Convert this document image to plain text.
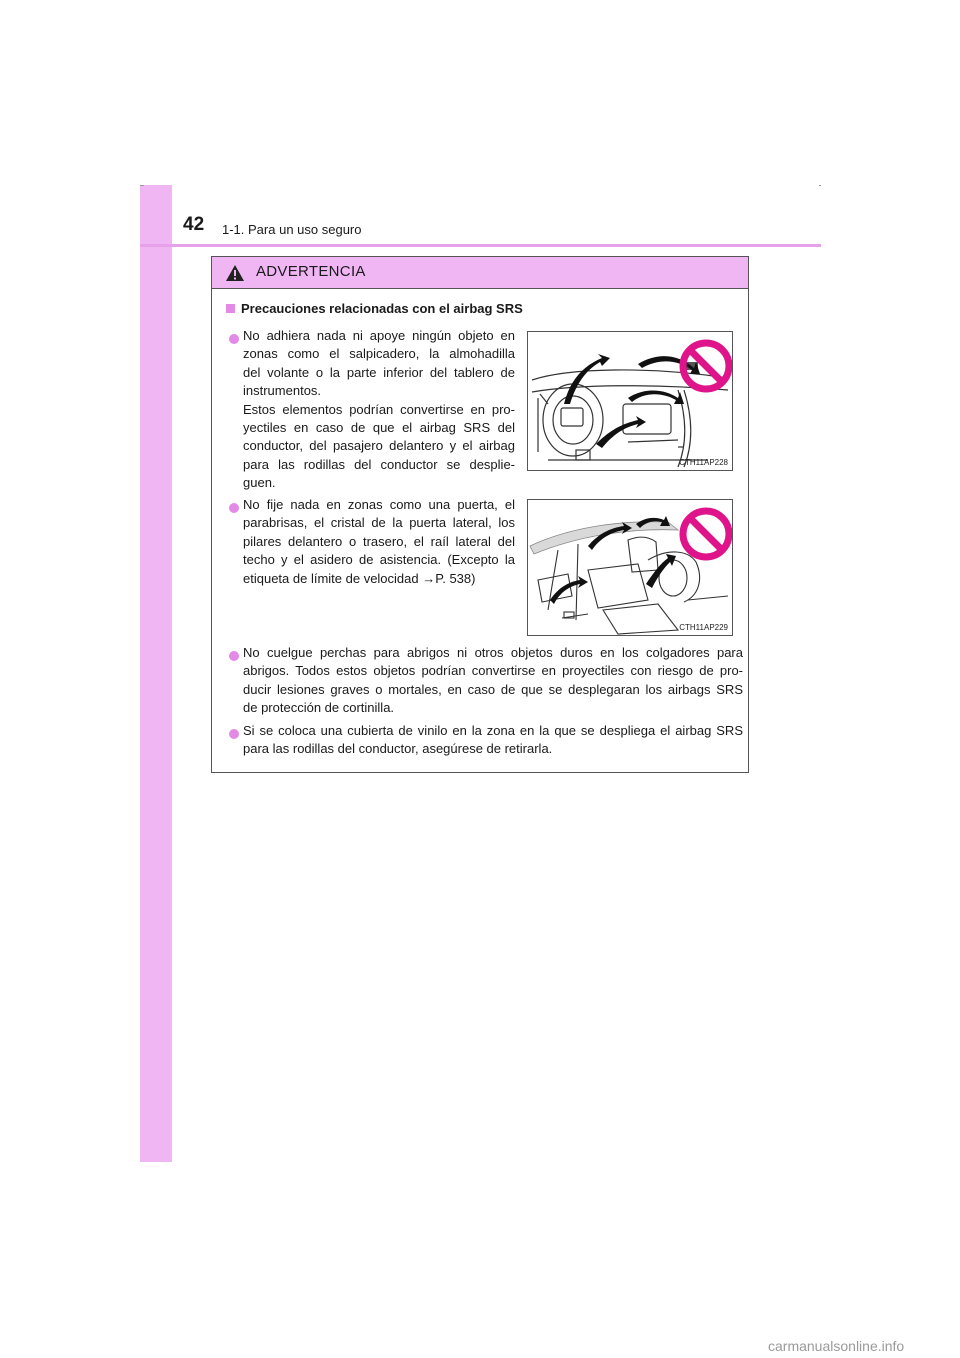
42 1-1. Para un uso seguro
ADVERTENCIA
Precauciones relacionadas con el airbag SRS
No adhiera nada ni apoye ningún objeto en
zonas como el salpicadero, la almohadilla
del volante o la parte inferior del tablero de
instrumentos.
Estos elementos podrían convertirse en pro-
yectiles en caso de que el airbag SRS del
conductor, del pasajero delantero y el airbag
para las rodillas del conductor se desplie-
guen.
CTH11AP228
No fije nada en zonas como una puerta, el
parabrisas, el cristal de la puerta lateral, los
pilares delantero o trasero, el raíl lateral del
techo y el asidero de asistencia. (Excepto la
etiqueta de límite de velocidad →P. 538)
CTH11AP229
No cuelgue perchas para abrigos ni otros objetos duros en los colgadores para
abrigos. Todos estos objetos podrían convertirse en proyectiles con riesgo de pro-
ducir lesiones graves o mortales, en caso de que se desplegaran los airbags SRS
de protección de cortinilla.
Si se coloca una cubierta de vinilo en la zona en la que se despliega el airbag SRS
para las rodillas del conductor, asegúrese de retirarla.
carmanualsonline.info
